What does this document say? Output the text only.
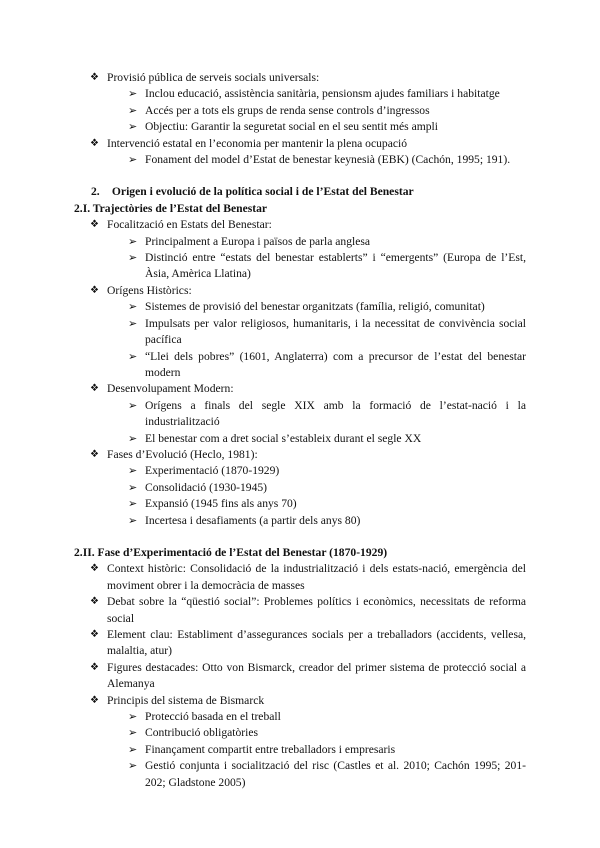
❖ Provisió pública de serveis socials universals:
➢ Inclou educació, assistència sanitària, pensionsm ajudes familiars i habitatge
➢ Accés per a tots els grups de renda sense controls d’ingressos
➢ Objectiu: Garantir la seguretat social en el seu sentit més ampli
❖ Intervenció estatal en l’economia per mantenir la plena ocupació
➢ Fonament del model d’Estat de benestar keynesià (EBK) (Cachón, 1995; 191).
2. Origen i evolució de la política social i de l’Estat del Benestar
2.I. Trajectòries de l’Estat del Benestar
❖ Focalització en Estats del Benestar:
➢ Principalment a Europa i països de parla anglesa
➢ Distinció entre “estats del benestar establerts” i “emergents” (Europa de l’Est, Àsia, Amèrica Llatina)
❖ Orígens Històrics:
➢ Sistemes de provisió del benestar organitzats (família, religió, comunitat)
➢ Impulsats per valor religiosos, humanitaris, i la necessitat de convivència social pacífica
➢ “Llei dels pobres” (1601, Anglaterra) com a precursor de l’estat del benestar modern
❖ Desenvolupament Modern:
➢ Orígens a finals del segle XIX amb la formació de l’estat-nació i la industrialització
➢ El benestar com a dret social s’estableix durant el segle XX
❖ Fases d’Evolució (Heclo, 1981):
➢ Experimentació (1870-1929)
➢ Consolidació (1930-1945)
➢ Expansió (1945 fins als anys 70)
➢ Incertesa i desafiaments (a partir dels anys 80)
2.II. Fase d’Experimentació de l’Estat del Benestar (1870-1929)
❖ Context històric: Consolidació de la industrialització i dels estats-nació, emergència del moviment obrer i la democràcia de masses
❖ Debat sobre la “qüestió social”: Problemes polítics i econòmics, necessitats de reforma social
❖ Element clau: Establiment d’assegurances socials per a treballadors (accidents, vellesa, malaltia, atur)
❖ Figures destacades: Otto von Bismarck, creador del primer sistema de protecció social a Alemanya
❖ Principis del sistema de Bismarck
➢ Protecció basada en el treball
➢ Contribució obligatòries
➢ Finançament compartit entre treballadors i empresaris
➢ Gestió conjunta i socialització del risc (Castles et al. 2010; Cachón 1995; 201-202; Gladstone 2005)
